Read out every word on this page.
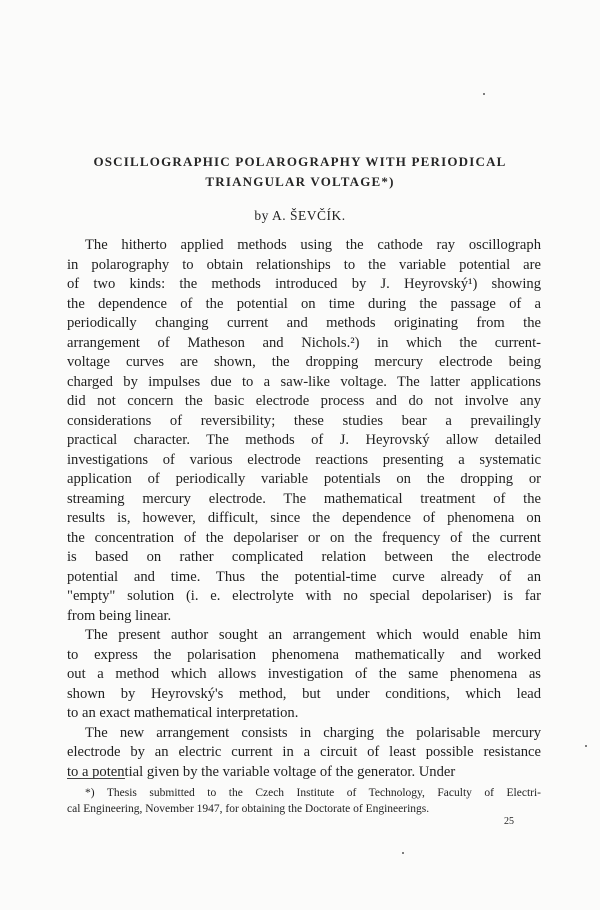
OSCILLOGRAPHIC POLAROGRAPHY WITH PERIODICAL
TRIANGULAR VOLTAGE*)
by A. ŠEVČÍK.

The hitherto applied methods using the cathode ray oscillograph
in polarography to obtain relationships to the variable potential are
of two kinds: the methods introduced by J. Heyrovský¹) showing
the dependence of the potential on time during the passage of a
periodically changing current and methods originating from the
arrangement of Matheson and Nichols.²) in which the current-
voltage curves are shown, the dropping mercury electrode being
charged by impulses due to a saw-like voltage. The latter applications
did not concern the basic electrode process and do not involve any
considerations of reversibility; these studies bear a prevailingly
practical character. The methods of J. Heyrovský allow detailed
investigations of various electrode reactions presenting a systematic
application of periodically variable potentials on the dropping or
streaming mercury electrode. The mathematical treatment of the
results is, however, difficult, since the dependence of phenomena on
the concentration of the depolariser or on the frequency of the current
is based on rather complicated relation between the electrode
potential and time. Thus the potential-time curve already of an
"empty" solution (i. e. electrolyte with no special depolariser) is far
from being linear.

The present author sought an arrangement which would enable him
to express the polarisation phenomena mathematically and worked
out a method which allows investigation of the same phenomena as
shown by Heyrovský's method, but under conditions, which lead
to an exact mathematical interpretation.

The new arrangement consists in charging the polarisable mercury
electrode by an electric current in a circuit of least possible resistance
to a potential given by the variable voltage of the generator. Under

*) Thesis submitted to the Czech Institute of Technology, Faculty of Electri-
cal Engineering, November 1947, for obtaining the Doctorate of Engineerings.
25
